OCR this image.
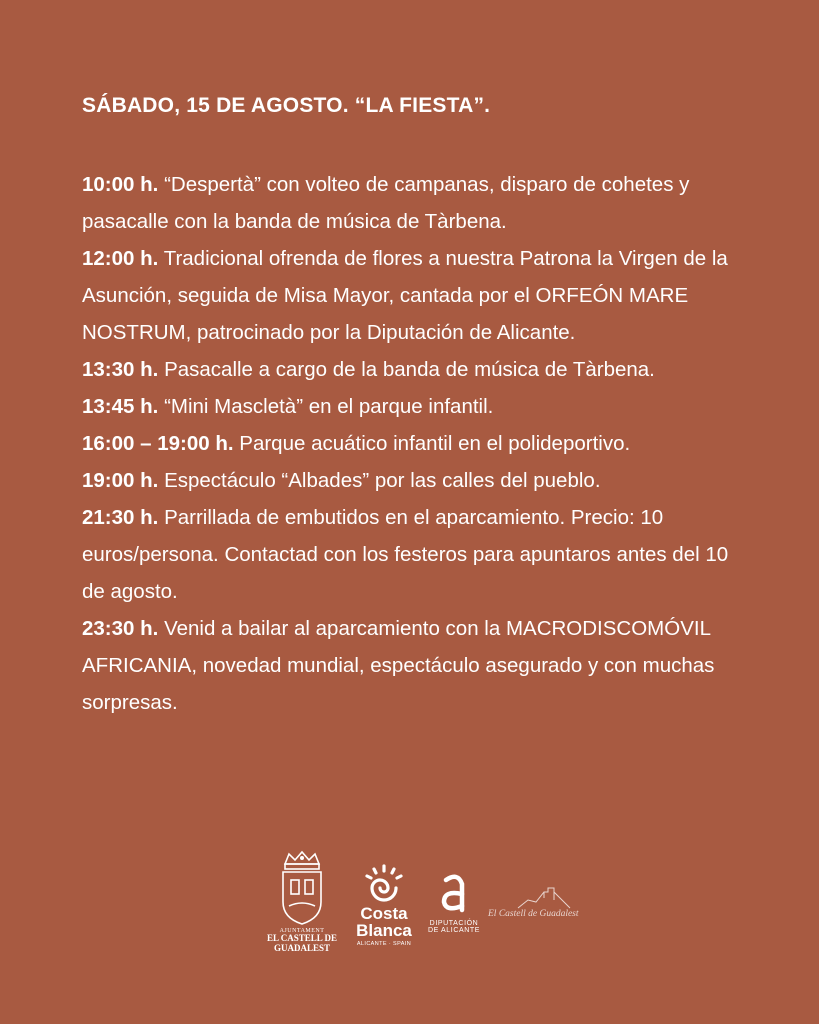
SÁBADO, 15 DE AGOSTO. “LA FIESTA”.
10:00 h. “Despertà” con volteo de campanas, disparo de cohetes y pasacalle con la banda de música de Tàrbena.
12:00 h. Tradicional ofrenda de flores a nuestra Patrona la Virgen de la Asunción, seguida de Misa Mayor, cantada por el ORFEÓN MARE NOSTRUM, patrocinado por la Diputación de Alicante.
13:30 h. Pasacalle a cargo de la banda de música de Tàrbena.
13:45 h. “Mini Mascletà” en el parque infantil.
16:00 – 19:00 h. Parque acuático infantil en el polideportivo.
19:00 h. Espectáculo “Albades” por las calles del pueblo.
21:30 h. Parrillada de embutidos en el aparcamiento. Precio: 10 euros/persona. Contactad con los festeros para apuntaros antes del 10 de agosto.
23:30 h. Venid a bailar al aparcamiento con la MACRODISCOMÓVIL AFRICANIA, novedad mundial, espectáculo asegurado y con muchas sorpresas.
AJUNTAMENT
EL CASTELL DE
GUADALEST
Costa
Blanca
ALICANTE · SPAIN
DIPUTACIÓN
DE ALICANTE
El Castell de Guadalest
